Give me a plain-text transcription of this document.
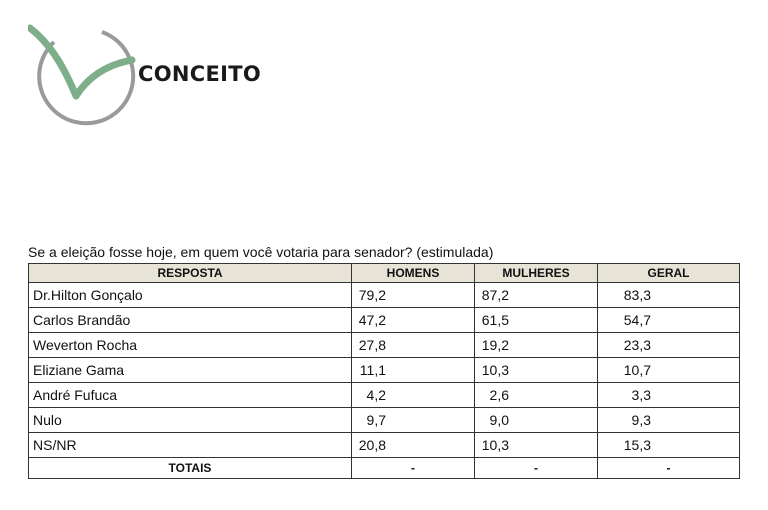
CONCEITO
Se a eleição fosse hoje, em quem você votaria para senador? (estimulada)
RESPOSTA	HOMENS	MULHERES	GERAL
Dr.Hilton Gonçalo	79,2	87,2	83,3
Carlos Brandão	47,2	61,5	54,7
Weverton Rocha	27,8	19,2	23,3
Eliziane Gama	11,1	10,3	10,7
André Fufuca	4,2	2,6	3,3
Nulo	9,7	9,0	9,3
NS/NR	20,8	10,3	15,3
TOTAIS	-	-	-
